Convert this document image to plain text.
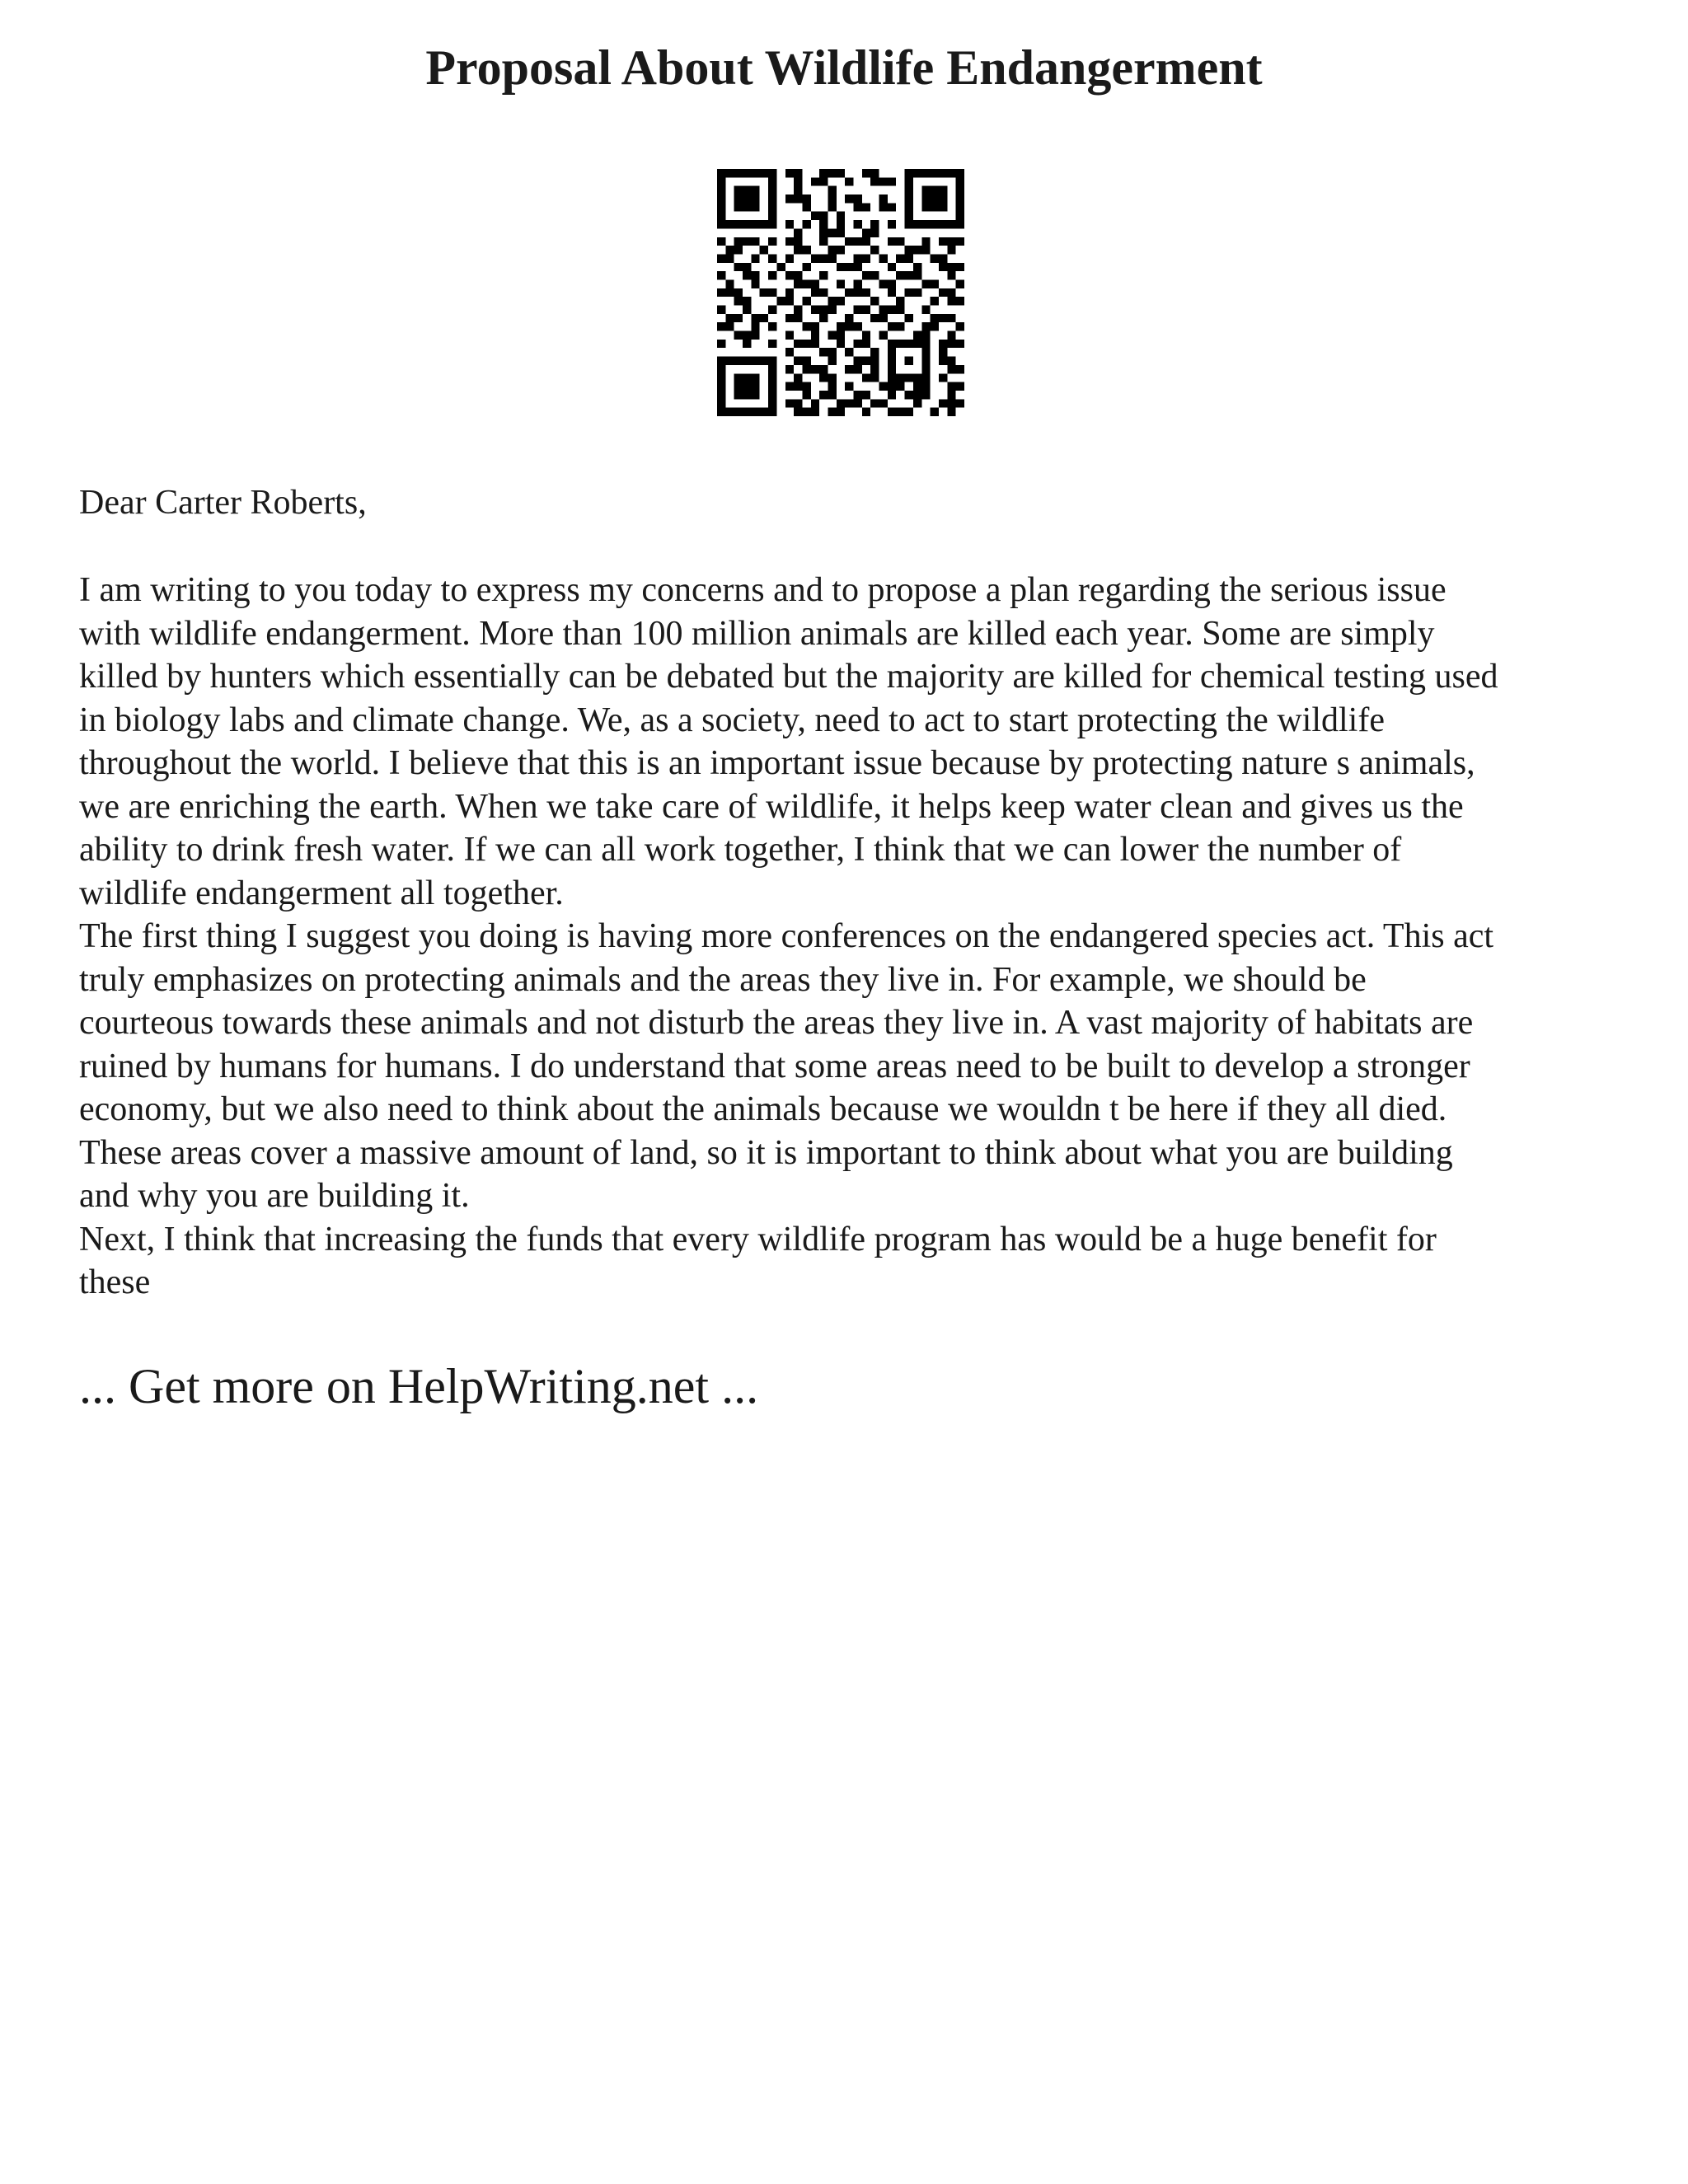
Proposal About Wildlife Endangerment

Dear Carter Roberts,

I am writing to you today to express my concerns and to propose a plan regarding the serious issue

with wildlife endangerment. More than 100 million animals are killed each year. Some are simply

killed by hunters which essentially can be debated but the majority are killed for chemical testing used

in biology labs and climate change. We, as a society, need to act to start protecting the wildlife

throughout the world. I believe that this is an important issue because by protecting nature s animals,

we are enriching the earth. When we take care of wildlife, it helps keep water clean and gives us the

ability to drink fresh water. If we can all work together, I think that we can lower the number of

wildlife endangerment all together.

The first thing I suggest you doing is having more conferences on the endangered species act. This act

truly emphasizes on protecting animals and the areas they live in. For example, we should be

courteous towards these animals and not disturb the areas they live in. A vast majority of habitats are

ruined by humans for humans. I do understand that some areas need to be built to develop a stronger

economy, but we also need to think about the animals because we wouldn t be here if they all died.

These areas cover a massive amount of land, so it is important to think about what you are building

and why you are building it.

Next, I think that increasing the funds that every wildlife program has would be a huge benefit for

these

... Get more on HelpWriting.net ...
